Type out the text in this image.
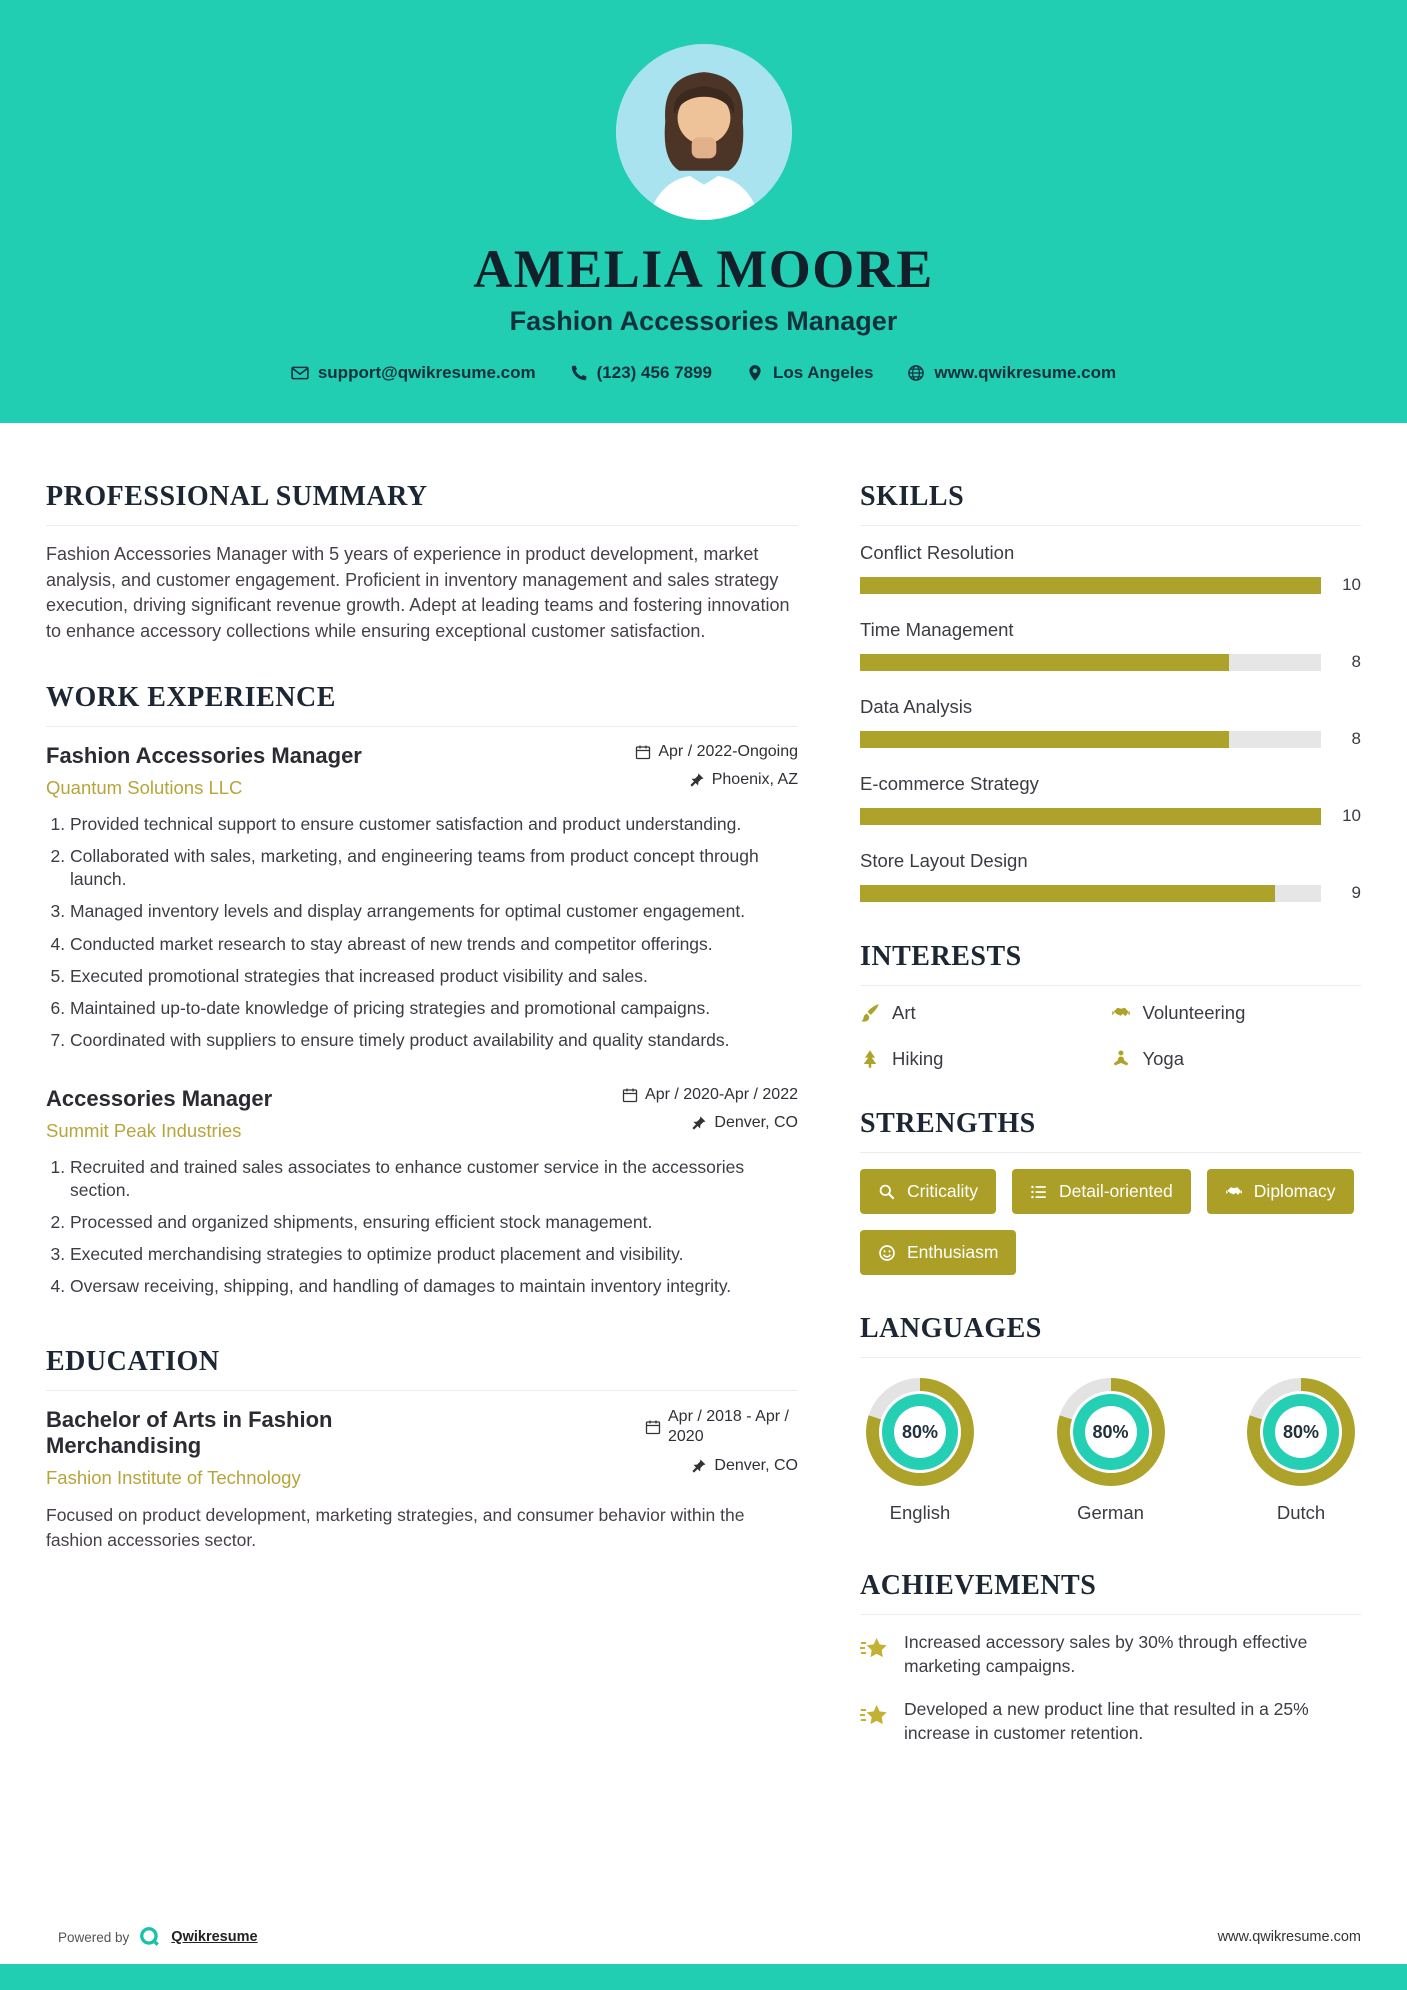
AMELIA MOORE
Fashion Accessories Manager
support@qwikresume.com	(123) 456 7899	Los Angeles	www.qwikresume.com
PROFESSIONAL SUMMARY

Fashion Accessories Manager with 5 years of experience in product development, market analysis, and customer engagement. Proficient in inventory management and sales strategy execution, driving significant revenue growth. Adept at leading teams and fostering innovation to enhance accessory collections while ensuring exceptional customer satisfaction.

WORK EXPERIENCE
Fashion Accessories Manager
Quantum Solutions LLC
Apr / 2022-Ongoing
Phoenix, AZ
1. Provided technical support to ensure customer satisfaction and product understanding.
2. Collaborated with sales, marketing, and engineering teams from product concept through launch.
3. Managed inventory levels and display arrangements for optimal customer engagement.
4. Conducted market research to stay abreast of new trends and competitor offerings.
5. Executed promotional strategies that increased product visibility and sales.
6. Maintained up-to-date knowledge of pricing strategies and promotional campaigns.
7. Coordinated with suppliers to ensure timely product availability and quality standards.
Accessories Manager
Summit Peak Industries
Apr / 2020-Apr / 2022
Denver, CO
1. Recruited and trained sales associates to enhance customer service in the accessories section.
2. Processed and organized shipments, ensuring efficient stock management.
3. Executed merchandising strategies to optimize product placement and visibility.
4. Oversaw receiving, shipping, and handling of damages to maintain inventory integrity.
EDUCATION
Bachelor of Arts in Fashion Merchandising
Fashion Institute of Technology
Apr / 2018 - Apr / 2020
Denver, CO

Focused on product development, marketing strategies, and consumer behavior within the fashion accessories sector.

SKILLS
Conflict Resolution
10
Time Management
8
Data Analysis
8
E-commerce Strategy
10
Store Layout Design
9
INTERESTS
Art	Volunteering
Hiking	Yoga
STRENGTHS
Criticality	Detail-oriented	Diplomacy
Enthusiasm
LANGUAGES
80%
English
80%
German
80%
Dutch
ACHIEVEMENTS
Increased accessory sales by 30% through effective marketing campaigns.
Developed a new product line that resulted in a 25% increase in customer retention.
Powered by	Qwikresume	www.qwikresume.com
